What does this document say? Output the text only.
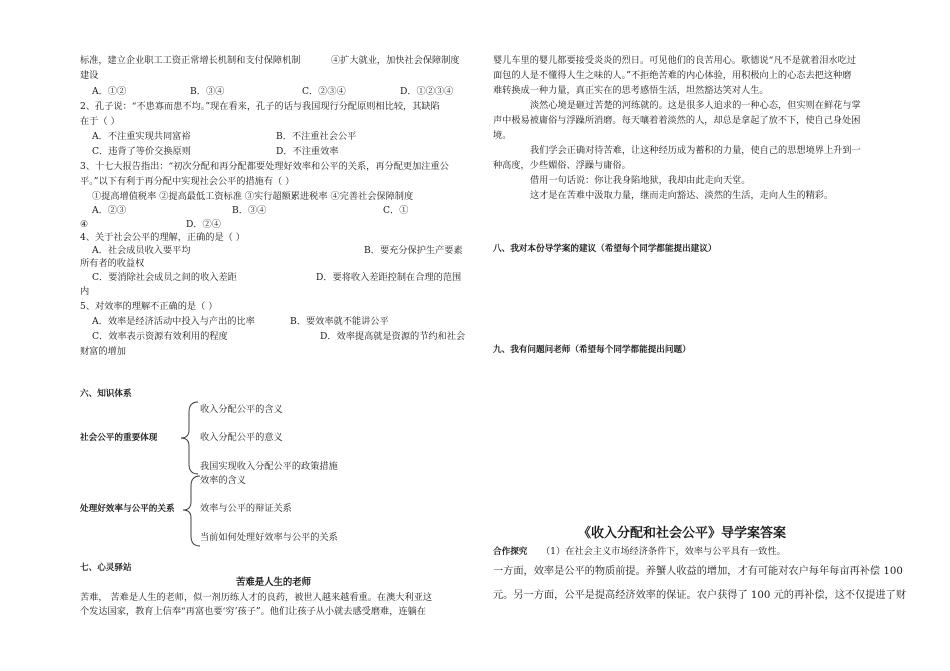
标准，建立企业职工工资正常增长机制和支付保障机制	④扩大就业，加快社会保障制度
建设
A．①②	B．③④	C．②③④	D．①②③④
2、孔子说：“不患寡而患不均。”现在看来，孔子的话与我国现行分配原则相比较，其缺陷
在于（ ）
A．不注重实现共同富裕	B．不注重社会公平
C．违背了等价交换原则	D．不注重效率
3、十七大报告指出：“初次分配和再分配都要处理好效率和公平的关系，再分配更加注重公
平。”以下有利于再分配中实现社会公平的措施有（ ）
①提高增值税率 ②提高最低工资标准 ③实行超额累进税率 ④完善社会保障制度
A．②③	B．③④	C．①
④	D．②④
4、关于社会公平的理解，正确的是（ ）
A．社会成员收入要平均	B．要充分保护生产要素
所有者的收益权
C．要消除社会成员之间的收入差距	D．要将收入差距控制在合理的范围
内
5、对效率的理解不正确的是（ ）
A．效率是经济活动中投入与产出的比率	B．要效率就不能讲公平
C．效率表示资源有效利用的程度	D．效率提高就是资源的节约和社会
财富的增加
六、知识体系
社会公平的重要体现
收入分配公平的含义
收入分配公平的意义
我国实现收入分配公平的政策措施
处理好效率与公平的关系
效率的含义
效率与公平的辩证关系
当前如何处理好效率与公平的关系
七、心灵驿站
苦难是人生的老师
苦难， 苦难是人生的老师，似一剂历练人才的良药，被世人越来越看重。在澳大利亚这
个发达国家，教育上信奉“再富也要‘穷’孩子”。他们让孩子从小就去感受磨难，连躺在
婴儿车里的婴儿都要接受炎炎的烈日。可见他们的良苦用心。歌德说“凡不是就着泪水吃过
面包的人是不懂得人生之味的人。”不拒绝苦难的内心体验，用积极向上的心态去把这种磨
难转换成一种力量，真正实在的思考感悟生活，坦然豁达笑对人生。
淡然心境是砸过苦楚的河练就的。这是很多人追求的一种心态，但实则在鲜花与掌
声中极易被庸俗与浮躁所消磨。每天嚷着着淡然的人，却总是拿起了放不下，使自己身处困
境。
我们学会正确对待苦难，让这种经历成为蓄积的力量，使自己的思想境界上升到一
种高度，少些媚俗、浮躁与庸俗。
借用一句话说：你让我身陷地狱，我却由此走向天堂。
这才是在苦难中汲取力量，继而走向豁达、淡然的生活，走向人生的精彩。
八、我对本份导学案的建议（希望每个同学都能提出建议）
九、我有问题问老师（希望每个同学都能提出问题）
《收入分配和社会公平》导学案答案
合作探究 （1）在社会主义市场经济条件下，效率与公平具有一致性。
一方面，效率是公平的物质前提。养蟹人收益的增加，才有可能对农户每年每亩再补偿 100
元。另一方面，公平是提高经济效率的保证。农户获得了 100 元的再补偿，这不仅提进了财
